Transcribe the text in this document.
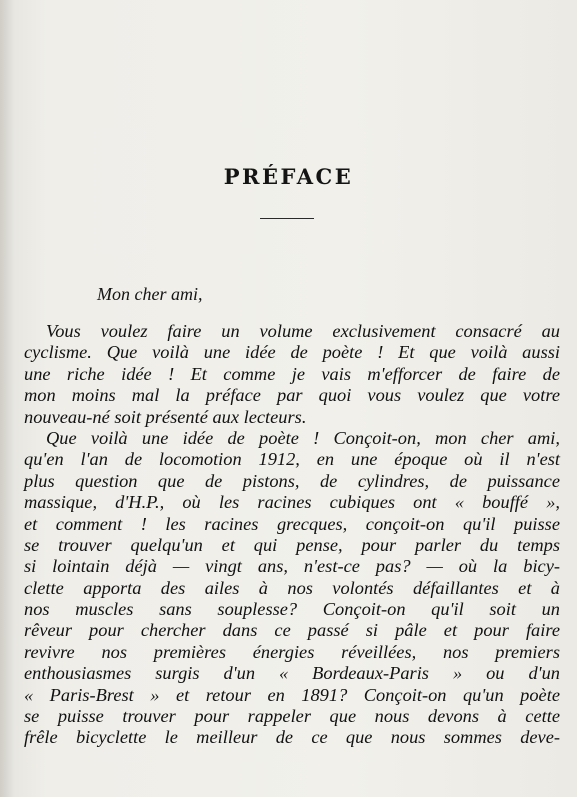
PRÉFACE
Mon cher ami,
Vous voulez faire un volume exclusivement consacré au
cyclisme. Que voilà une idée de poète ! Et que voilà aussi
une riche idée ! Et comme je vais m'efforcer de faire de
mon moins mal la préface par quoi vous voulez que votre
nouveau-né soit présenté aux lecteurs.
Que voilà une idée de poète ! Conçoit-on, mon cher ami,
qu'en l'an de locomotion 1912, en une époque où il n'est
plus question que de pistons, de cylindres, de puissance
massique, d'H.P., où les racines cubiques ont « bouffé »,
et comment ! les racines grecques, conçoit-on qu'il puisse
se trouver quelqu'un et qui pense, pour parler du temps
si lointain déjà — vingt ans, n'est-ce pas? — où la bicy-
clette apporta des ailes à nos volontés défaillantes et à
nos muscles sans souplesse? Conçoit-on qu'il soit un
rêveur pour chercher dans ce passé si pâle et pour faire
revivre nos premières énergies réveillées, nos premiers
enthousiasmes surgis d'un « Bordeaux-Paris » ou d'un
« Paris-Brest » et retour en 1891? Conçoit-on qu'un poète
se puisse trouver pour rappeler que nous devons à cette
frêle bicyclette le meilleur de ce que nous sommes deve-
